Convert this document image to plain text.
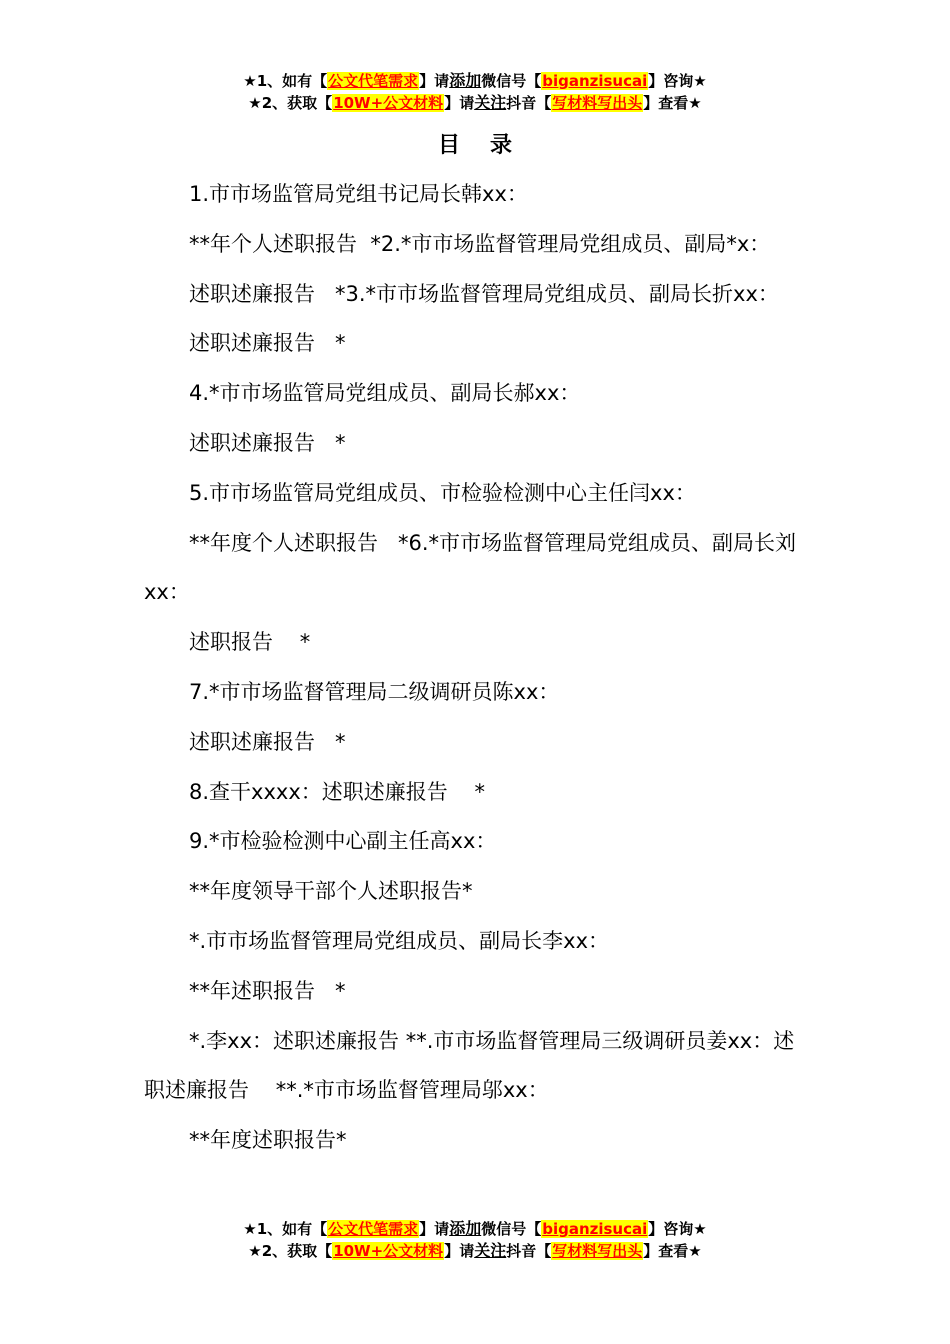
★1、如有【公文代笔需求】请添加微信号【biganzisucai】咨询★
★2、获取【10W+公文材料】请关注抖音【写材料写出头】查看★
目录

1.市市场监管局党组书记局长韩xx：

**年个人述职报告  *2.*市市场监督管理局党组成员、副局*x：

述职述廉报告   *3.*市市场监督管理局党组成员、副局长折xx：

述职述廉报告   *

4.*市市场监管局党组成员、副局长郝xx：

述职述廉报告   *

5.市市场监管局党组成员、市检验检测中心主任闫xx：

**年度个人述职报告   *6.*市市场监督管理局党组成员、副局长刘xx：

述职报告    *

7.*市市场监督管理局二级调研员陈xx：

述职述廉报告   *

8.查干xxxx：述职述廉报告    *

9.*市检验检测中心副主任高xx：

**年度领导干部个人述职报告*

*.市市场监督管理局党组成员、副局长李xx：

**年述职报告   *

*.李xx：述职述廉报告 **.市市场监督管理局三级调研员姜xx：述职述廉报告    **.*市市场监督管理局邬xx：

**年度述职报告*

★1、如有【公文代笔需求】请添加微信号【biganzisucai】咨询★
★2、获取【10W+公文材料】请关注抖音【写材料写出头】查看★
